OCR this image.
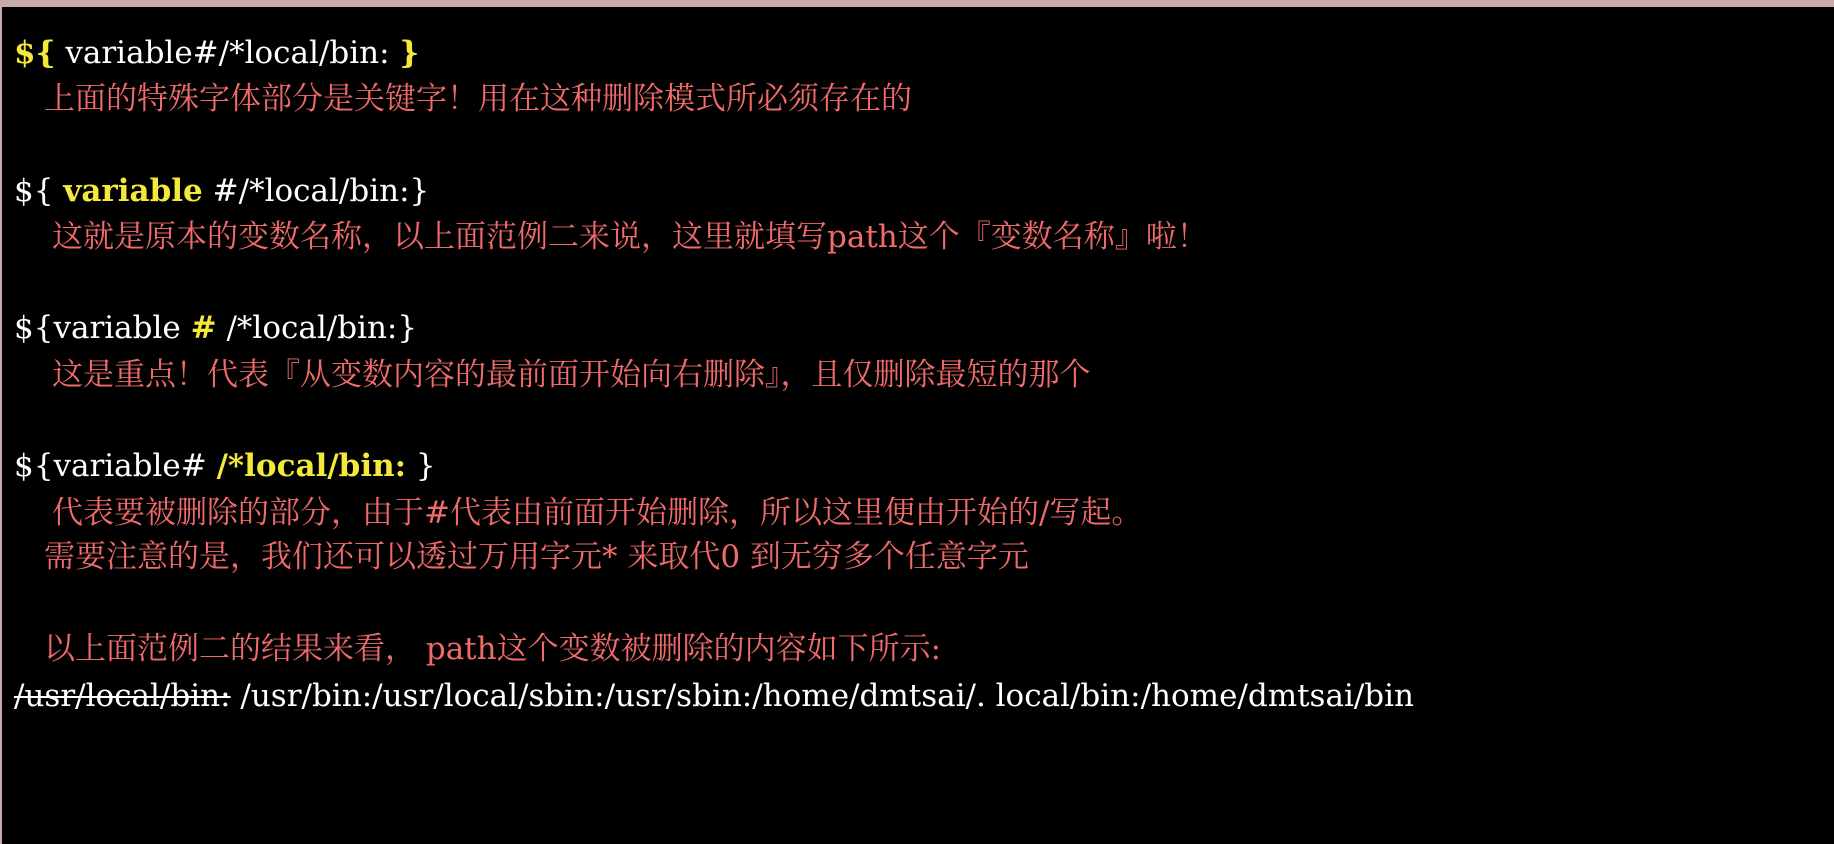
${ variable#/*local/bin: }
上面的特殊字体部分是关键字！用在这种删除模式所必须存在的
${ variable #/*local/bin:}
这就是原本的变数名称，以上面范例二来说，这里就填写path这个『变数名称』啦！
${variable # /*local/bin:}
这是重点！代表『从变数内容的最前面开始向右删除』，且仅删除最短的那个
${variable# /*local/bin: }
代表要被删除的部分，由于#代表由前面开始删除，所以这里便由开始的/写起。
需要注意的是，我们还可以透过万用字元* 来取代0 到无穷多个任意字元
以上面范例二的结果来看， path这个变数被删除的内容如下所示:
/usr/local/bin: /usr/bin:/usr/local/sbin:/usr/sbin:/home/dmtsai/. local/bin:/home/dmtsai/bin
